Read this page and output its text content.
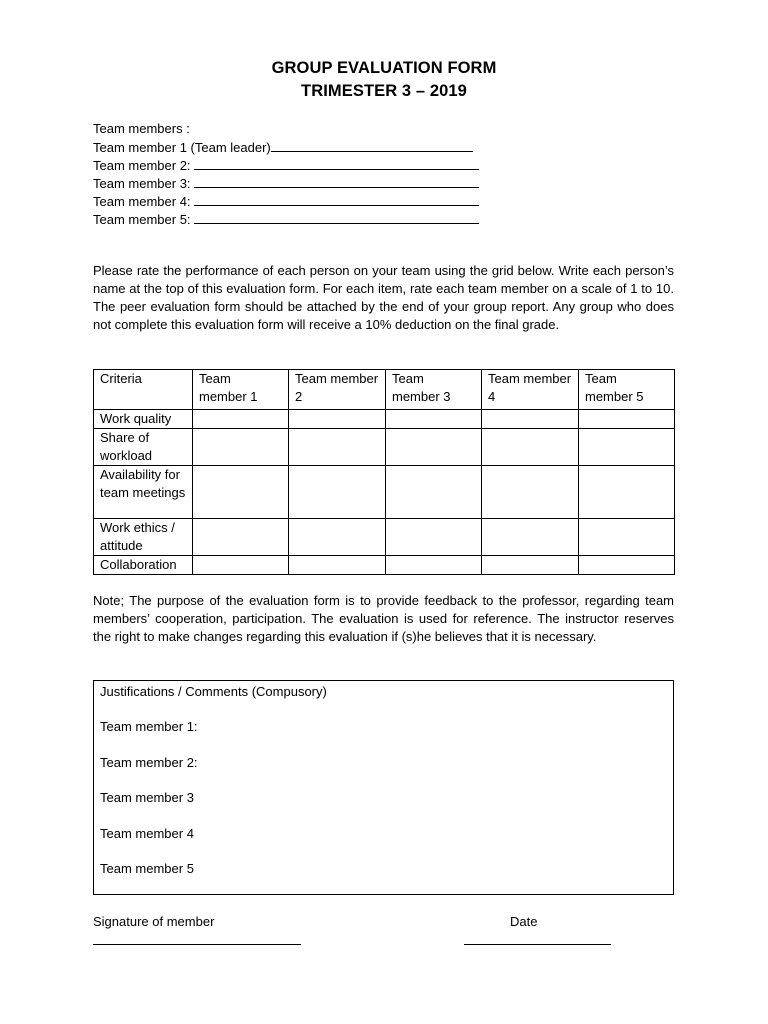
GROUP EVALUATION FORM
TRIMESTER 3 – 2019
Team members :
Team member 1 (Team leader)
Team member 2:
Team member 3:
Team member 4:
Team member 5:

Please rate the performance of each person on your team using the grid below. Write each person’s name at the top of this evaluation form. For each item, rate each team member on a scale of 1 to 10. The peer evaluation form should be attached by the end of your group report. Any group who does not complete this evaluation form will receive a 10% deduction on the final grade.

Criteria	Team member 1	Team member 2	Team member 3	Team member 4	Team member 5
Work quality					
Share of workload					
Availability for team meetings					
Work ethics / attitude					
Collaboration					

Note; The purpose of the evaluation form is to provide feedback to the professor, regarding team members’ cooperation, participation. The evaluation is used for reference. The instructor reserves the right to make changes regarding this evaluation if (s)he believes that it is necessary.

Justifications / Comments (Compusory)
Team member 1:
Team member 2:
Team member 3
Team member 4
Team member 5
Signature of member	Date
